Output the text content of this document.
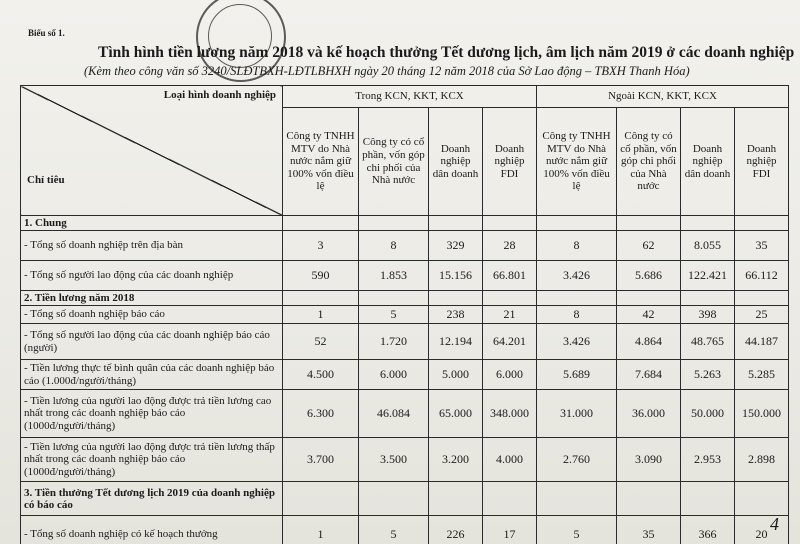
Biểu số 1.
Tình hình tiền lương năm 2018 và kế hoạch thưởng Tết dương lịch, âm lịch năm 2019 ở các doanh nghiệp
(Kèm theo công văn số 3240/SLĐTBXH-LĐTLBHXH ngày 20 tháng 12 năm 2018 của Sở Lao động – TBXH Thanh Hóa)
Loại hình doanh nghiệp
Chỉ tiêu	Trong KCN, KKT, KCX				Ngoài KCN, KKT, KCX			
	Công ty TNHH MTV do Nhà nước nắm giữ 100% vốn điều lệ	Công ty có cổ phần, vốn góp chi phối của Nhà nước	Doanh nghiệp dân doanh	Doanh nghiệp FDI	Công ty TNHH MTV do Nhà nước nắm giữ 100% vốn điều lệ	Công ty có cổ phần, vốn góp chi phối của Nhà nước	Doanh nghiệp dân doanh	Doanh nghiệp FDI
1. Chung								
- Tổng số doanh nghiệp trên địa bàn	3	8	329	28	8	62	8.055	35
- Tổng số người lao động của các doanh nghiệp	590	1.853	15.156	66.801	3.426	5.686	122.421	66.112
2. Tiền lương năm 2018								
- Tổng số doanh nghiệp báo cáo	1	5	238	21	8	42	398	25
- Tổng số người lao động của các doanh nghiệp báo cáo (người)	52	1.720	12.194	64.201	3.426	4.864	48.765	44.187
- Tiền lương thực tế bình quân của các doanh nghiệp báo cáo (1.000đ/người/tháng)	4.500	6.000	5.000	6.000	5.689	7.684	5.263	5.285
- Tiền lương của người lao động được trả tiền lương cao nhất trong các doanh nghiệp báo cáo (1000đ/người/tháng)	6.300	46.084	65.000	348.000	31.000	36.000	50.000	150.000
- Tiền lương của người lao động được trả tiền lương thấp nhất trong các doanh nghiệp báo cáo (1000đ/người/tháng)	3.700	3.500	3.200	4.000	2.760	3.090	2.953	2.898
3. Tiền thưởng Tết dương lịch 2019 của doanh nghiệp có báo cáo								
- Tổng số doanh nghiệp có kế hoạch thưởng	1	5	226	17	5	35	366	20 4
